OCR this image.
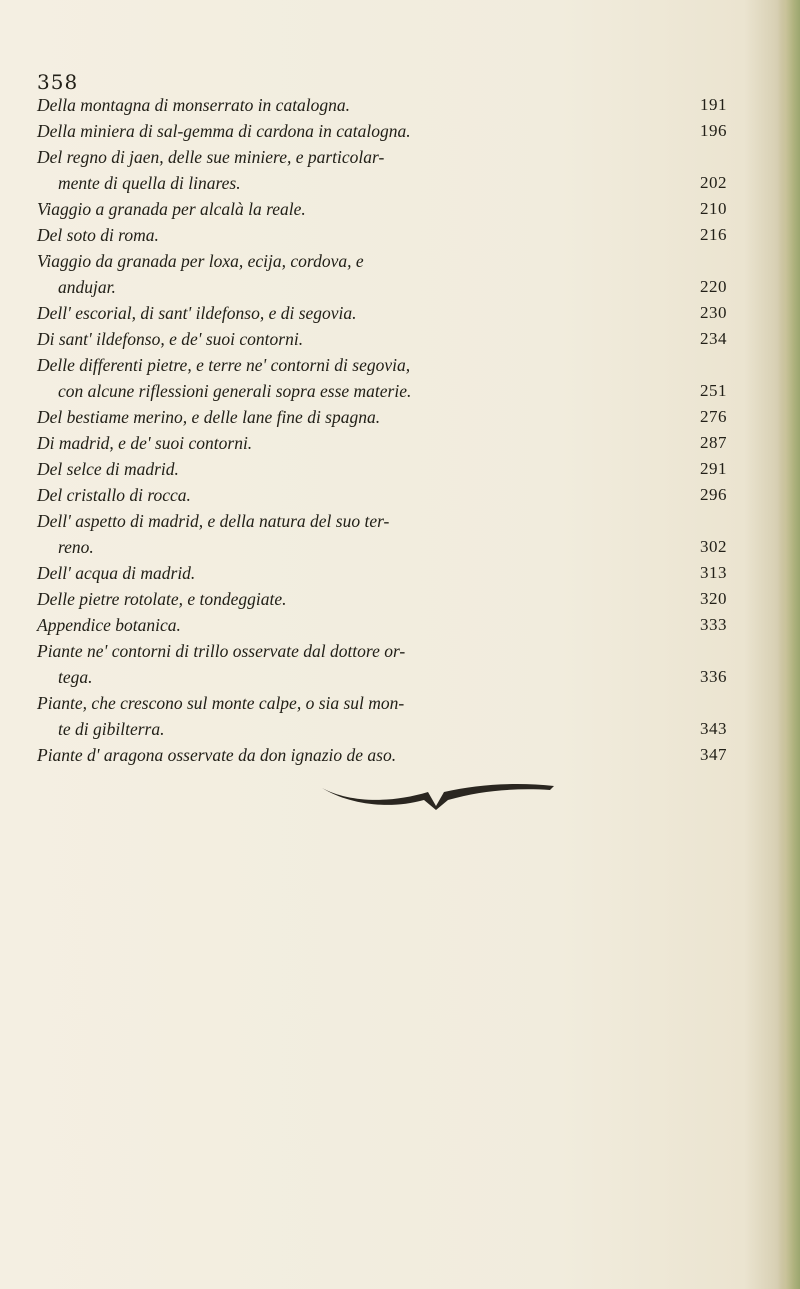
358
Della montagna di monserrato in catalogna.	191
Della miniera di sal-gemma di cardona in catalogna.	196
Del regno di jaen, delle sue miniere, e particolar-
mente di quella di linares.	202
Viaggio a granada per alcalà la reale.	210
Del soto di roma.	216
Viaggio da granada per loxa, ecija, cordova, e
andujar.	220
Dell' escorial, di sant' ildefonso, e di segovia.	230
Di sant' ildefonso, e de' suoi contorni.	234
Delle differenti pietre, e terre ne' contorni di segovia,
con alcune riflessioni generali sopra esse materie.	251
Del bestiame merino, e delle lane fine di spagna.	276
Di madrid, e de' suoi contorni.	287
Del selce di madrid.	291
Del cristallo di rocca.	296
Dell' aspetto di madrid, e della natura del suo ter-
reno.	302
Dell' acqua di madrid.	313
Delle pietre rotolate, e tondeggiate.	320
Appendice botanica.	333
Piante ne' contorni di trillo osservate dal dottore or-
tega.	336
Piante, che crescono sul monte calpe, o sia sul mon-
te di gibilterra.	343
Piante d' aragona osservate da don ignazio de aso.	347
